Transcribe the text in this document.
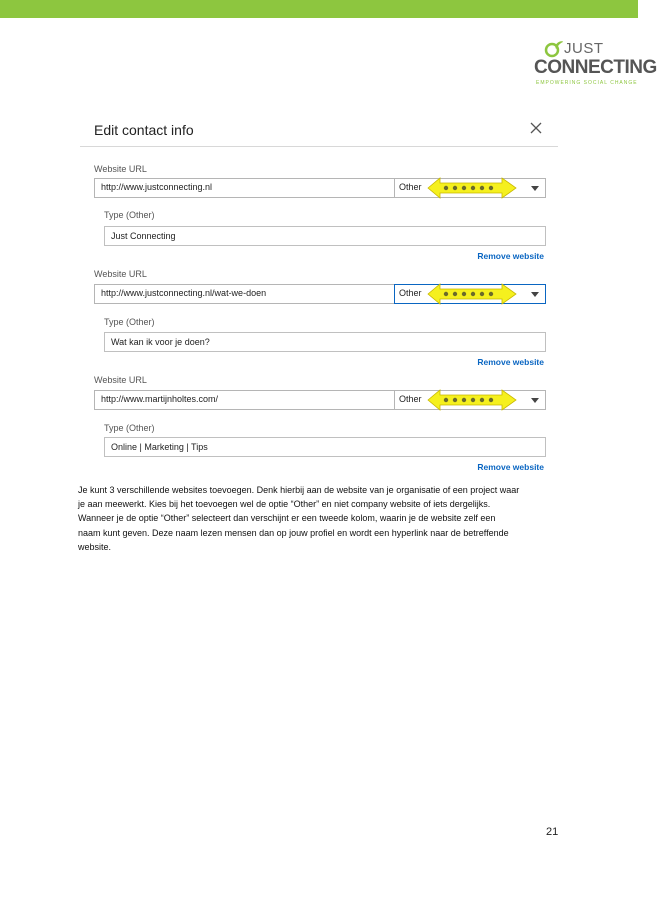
JUST
CONNECTING
EMPOWERING SOCIAL CHANGE
Edit contact info
Website URL
http://www.justconnecting.nl	Other
Type (Other)
Just Connecting
Remove website
Website URL
http://www.justconnecting.nl/wat-we-doen	Other
Type (Other)
Wat kan ik voor je doen?
Remove website
Website URL
http://www.martijnholtes.com/	Other
Type (Other)
Online | Marketing | Tips
Remove website
Je kunt 3 verschillende websites toevoegen. Denk hierbij aan de website van je organisatie of een project waar
je aan meewerkt. Kies bij het toevoegen wel de optie “Other” en niet company website of iets dergelijks.
Wanneer je de optie “Other” selecteert dan verschijnt er een tweede kolom, waarin je de website zelf een
naam kunt geven. Deze naam lezen mensen dan op jouw profiel en wordt een hyperlink naar de betreffende
website.
21
